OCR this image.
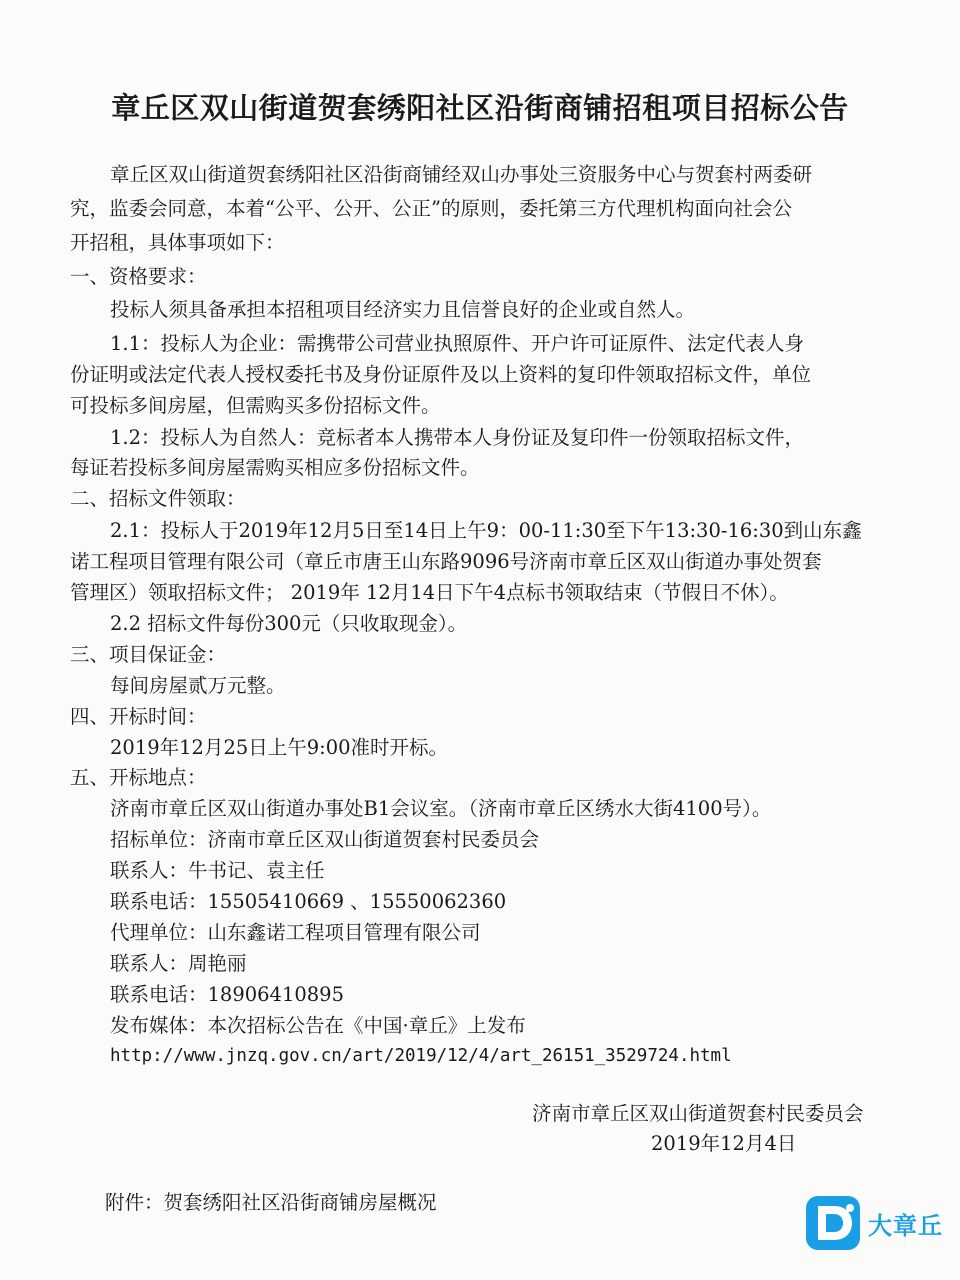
章丘区双山街道贺套绣阳社区沿街商铺招租项目招标公告
章丘区双山街道贺套绣阳社区沿街商铺经双山办事处三资服务中心与贺套村两委研
究，监委会同意，本着“公平、公开、公正”的原则，委托第三方代理机构面向社会公
开招租，具体事项如下：
一、资格要求：
投标人须具备承担本招租项目经济实力且信誉良好的企业或自然人。
1.1：投标人为企业：需携带公司营业执照原件、开户许可证原件、法定代表人身
份证明或法定代表人授权委托书及身份证原件及以上资料的复印件领取招标文件，单位
可投标多间房屋，但需购买多份招标文件。
1.2：投标人为自然人：竞标者本人携带本人身份证及复印件一份领取招标文件，
每证若投标多间房屋需购买相应多份招标文件。
二、招标文件领取：
2.1：投标人于2019年12月5日至14日上午9：00-11:30至下午13:30-16:30到山东鑫
诺工程项目管理有限公司（章丘市唐王山东路9096号济南市章丘区双山街道办事处贺套
管理区）领取招标文件； 2019年 12月14日下午4点标书领取结束（节假日不休）。
2.2 招标文件每份300元（只收取现金）。
三、项目保证金：
每间房屋贰万元整。
四、开标时间：
2019年12月25日上午9:00准时开标。
五、开标地点：
济南市章丘区双山街道办事处B1会议室。（济南市章丘区绣水大街4100号）。
招标单位：济南市章丘区双山街道贺套村民委员会
联系人：牛书记、袁主任
联系电话：15505410669 、15550062360
代理单位：山东鑫诺工程项目管理有限公司
联系人：周艳丽
联系电话：18906410895
发布媒体：本次招标公告在《中国·章丘》上发布
http://www.jnzq.gov.cn/art/2019/12/4/art_26151_3529724.html
济南市章丘区双山街道贺套村民委员会
2019年12月4日
附件：贺套绣阳社区沿街商铺房屋概况
大章丘
